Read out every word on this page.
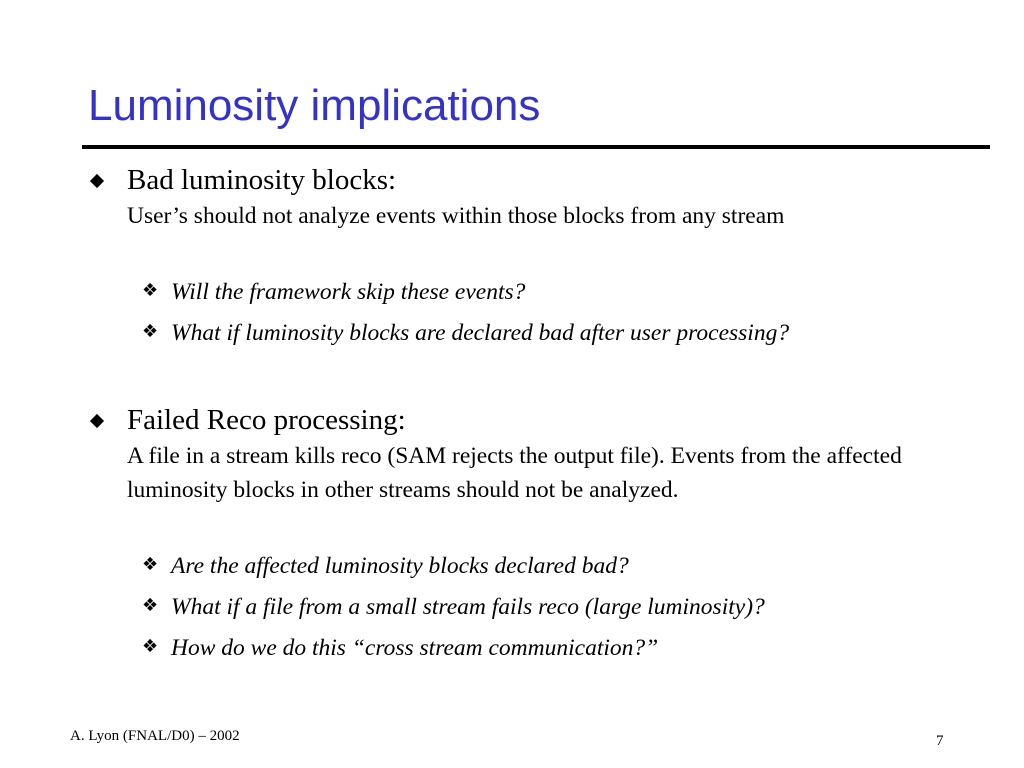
Luminosity implications
Bad luminosity blocks:
User’s should not analyze events within those blocks from any stream
❖ Will the framework skip these events?
❖ What if luminosity blocks are declared bad after user processing?
Failed Reco processing:
A file in a stream kills reco (SAM rejects the output file). Events from the affected luminosity blocks in other streams should not be analyzed.
❖ Are the affected luminosity blocks declared bad?
❖ What if a file from a small stream fails reco (large luminosity)?
❖ How do we do this “cross stream communication?”
A. Lyon (FNAL/D0) – 2002	7
